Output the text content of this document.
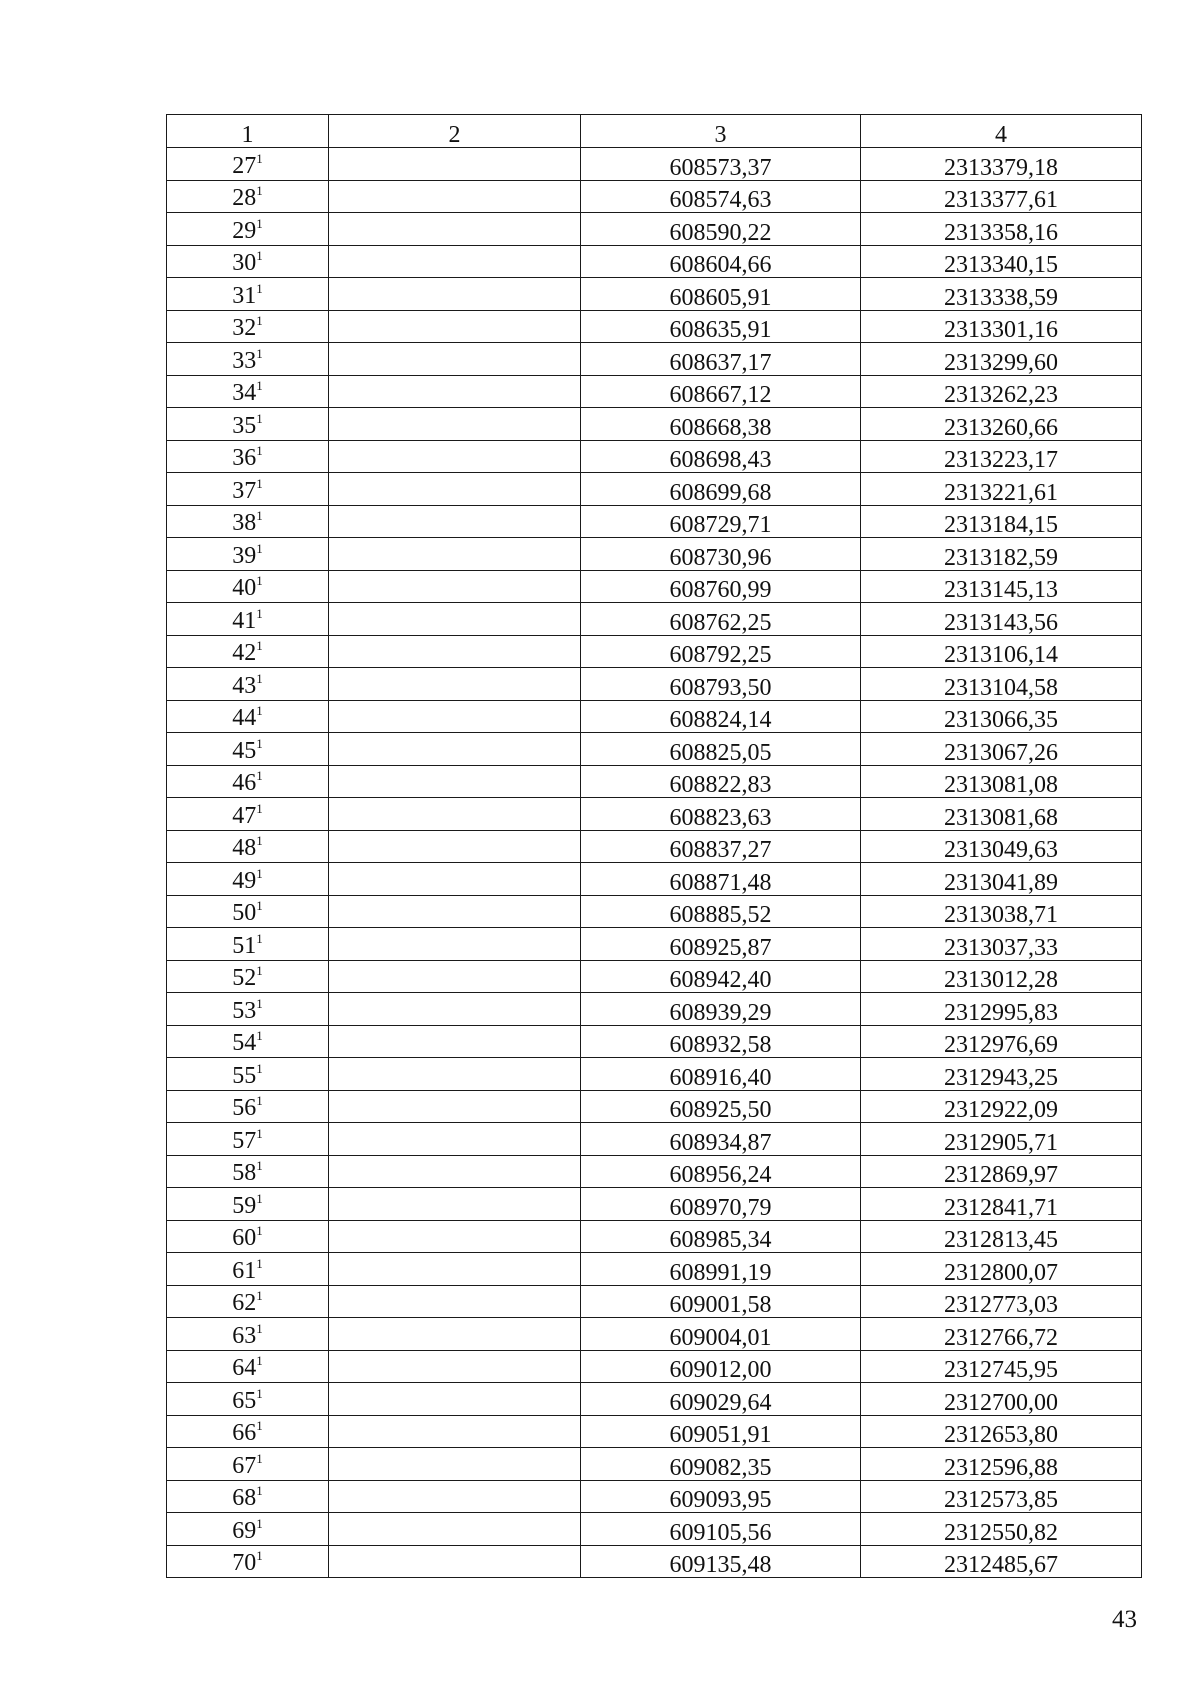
1	2	3	4
$27^1$		608573,37	2313379,18
$28^1$		608574,63	2313377,61
$29^1$		608590,22	2313358,16
$30^1$		608604,66	2313340,15
$31^1$		608605,91	2313338,59
$32^1$		608635,91	2313301,16
$33^1$		608637,17	2313299,60
$34^1$		608667,12	2313262,23
$35^1$		608668,38	2313260,66
$36^1$		608698,43	2313223,17
$37^1$		608699,68	2313221,61
$38^1$		608729,71	2313184,15
$39^1$		608730,96	2313182,59
$40^1$		608760,99	2313145,13
$41^1$		608762,25	2313143,56
$42^1$		608792,25	2313106,14
$43^1$		608793,50	2313104,58
$44^1$		608824,14	2313066,35
$45^1$		608825,05	2313067,26
$46^1$		608822,83	2313081,08
$47^1$		608823,63	2313081,68
$48^1$		608837,27	2313049,63
$49^1$		608871,48	2313041,89
$50^1$		608885,52	2313038,71
$51^1$		608925,87	2313037,33
$52^1$		608942,40	2313012,28
$53^1$		608939,29	2312995,83
$54^1$		608932,58	2312976,69
$55^1$		608916,40	2312943,25
$56^1$		608925,50	2312922,09
$57^1$		608934,87	2312905,71
$58^1$		608956,24	2312869,97
$59^1$		608970,79	2312841,71
$60^1$		608985,34	2312813,45
$61^1$		608991,19	2312800,07
$62^1$		609001,58	2312773,03
$63^1$		609004,01	2312766,72
$64^1$		609012,00	2312745,95
$65^1$		609029,64	2312700,00
$66^1$		609051,91	2312653,80
$67^1$		609082,35	2312596,88
$68^1$		609093,95	2312573,85
$69^1$		609105,56	2312550,82
$70^1$		609135,48	2312485,67
43
